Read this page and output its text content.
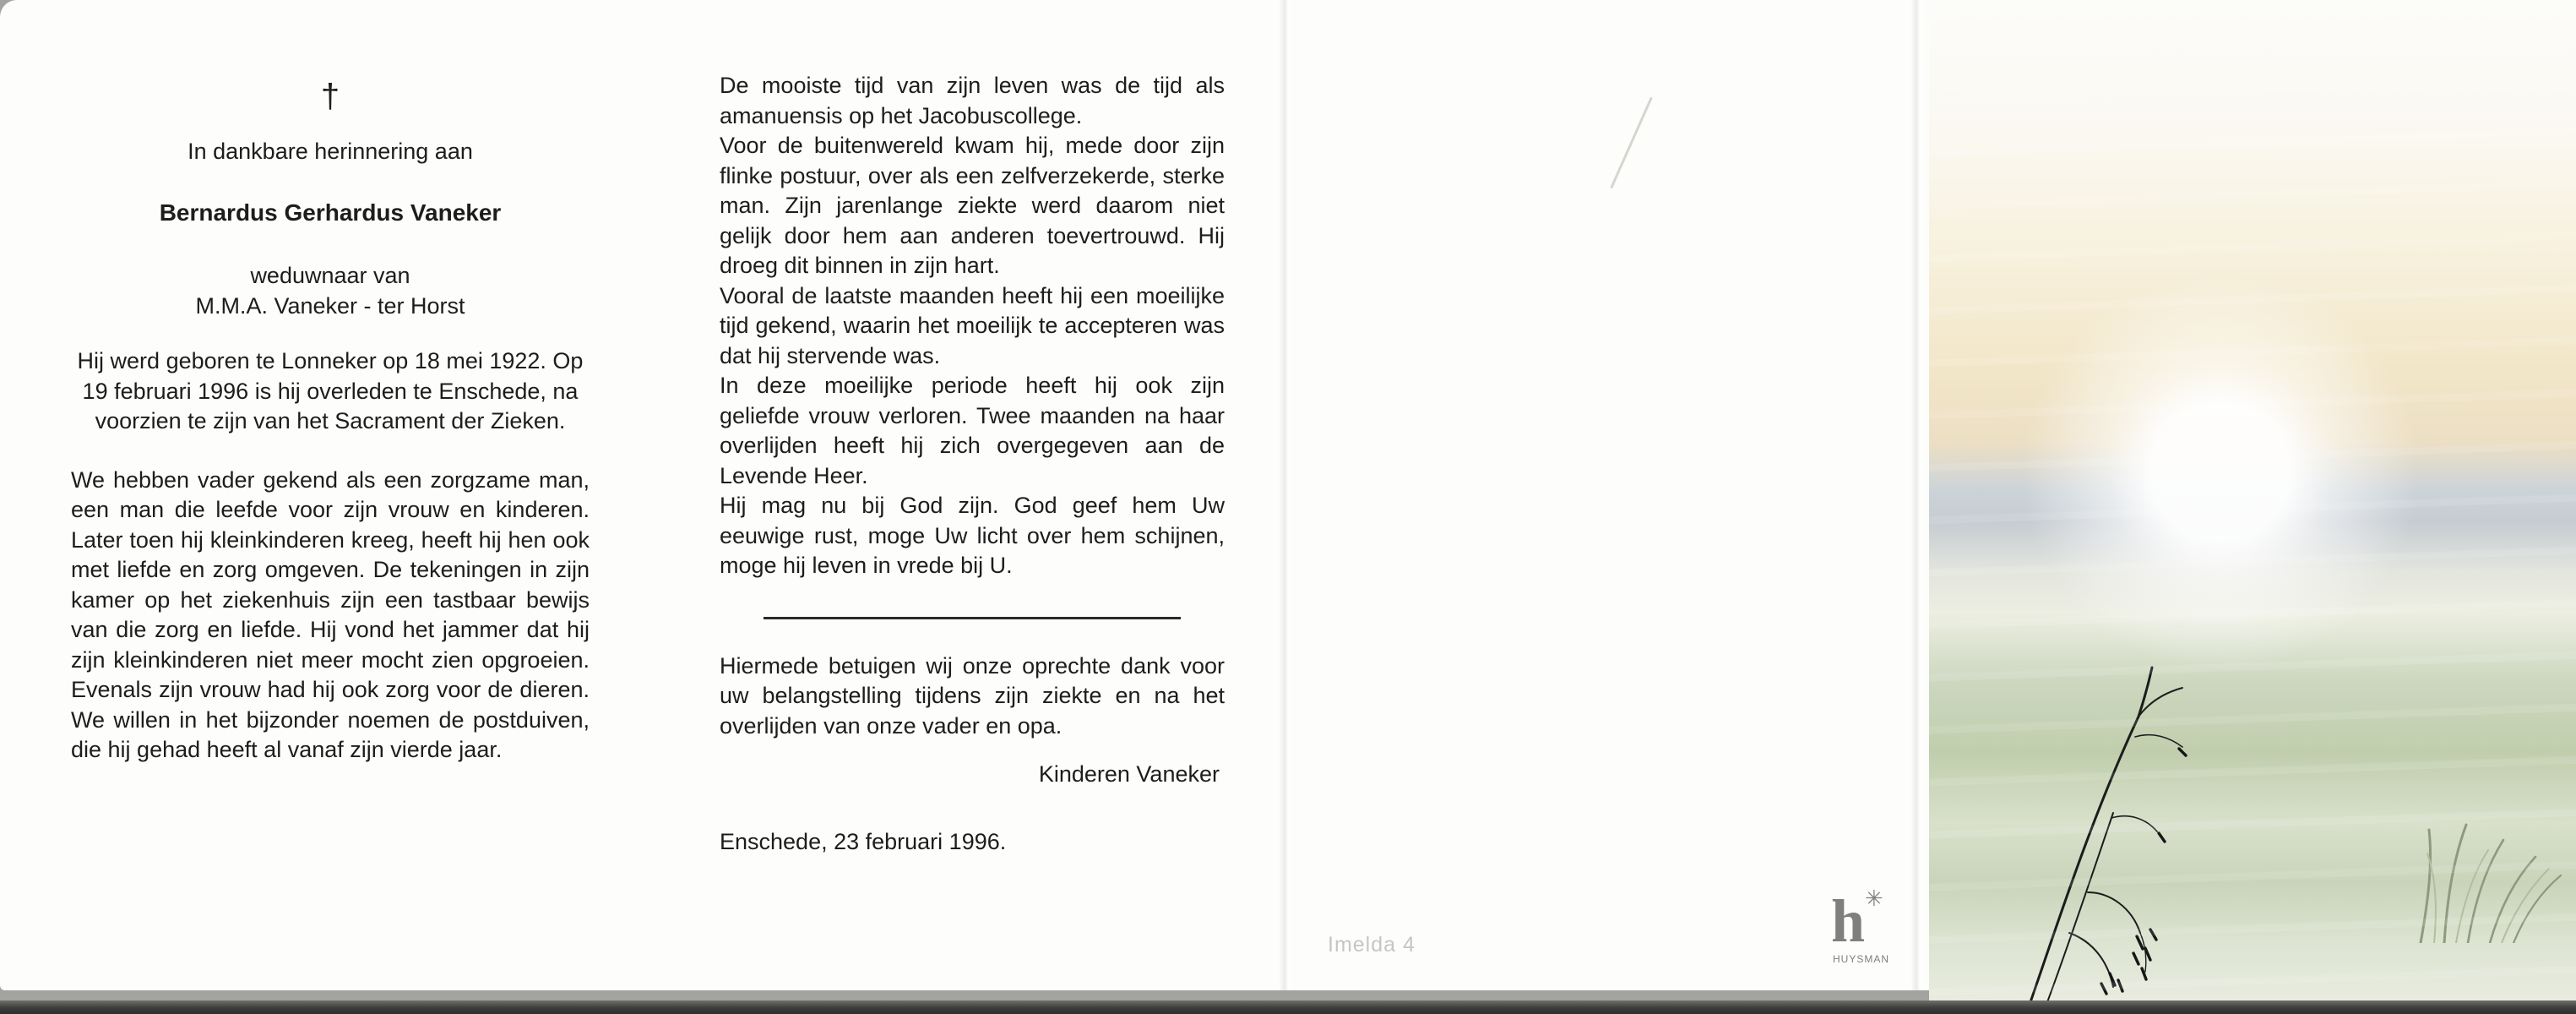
†
In dankbare herinnering aan
Bernardus Gerhardus Vaneker
weduwnaar van
M.M.A. Vaneker - ter Horst
Hij werd geboren te Lonneker op 18 mei 1922. Op 19 februari 1996 is hij overleden te Enschede, na voorzien te zijn van het Sacrament der Zieken.
We hebben vader gekend als een zorgzame man, een man die leefde voor zijn vrouw en kinderen. Later toen hij kleinkinderen kreeg, heeft hij hen ook met liefde en zorg omgeven. De tekeningen in zijn kamer op het ziekenhuis zijn een tastbaar bewijs van die zorg en liefde. Hij vond het jammer dat hij zijn kleinkinderen niet meer mocht zien opgroeien. Evenals zijn vrouw had hij ook zorg voor de dieren. We willen in het bijzonder noemen de postduiven, die hij gehad heeft al vanaf zijn vierde jaar.

De mooiste tijd van zijn leven was de tijd als amanuensis op het Jacobuscollege.

Voor de buitenwereld kwam hij, mede door zijn flinke postuur, over als een zelfverzekerde, sterke man. Zijn jarenlange ziekte werd daarom niet gelijk door hem aan anderen toevertrouwd. Hij droeg dit binnen in zijn hart.

Vooral de laatste maanden heeft hij een moeilijke tijd gekend, waarin het moeilijk te accepteren was dat hij stervende was.

In deze moeilijke periode heeft hij ook zijn geliefde vrouw verloren. Twee maanden na haar overlijden heeft hij zich overgegeven aan de Levende Heer.

Hij mag nu bij God zijn. God geef hem Uw eeuwige rust, moge Uw licht over hem schijnen, moge hij leven in vrede bij U.

Hiermede betuigen wij onze oprechte dank voor uw belangstelling tijdens zijn ziekte en na het overlijden van onze vader en opa.

Kinderen Vaneker

Enschede, 23 februari 1996.

Imelda 4	h ✳
HUYSMAN
